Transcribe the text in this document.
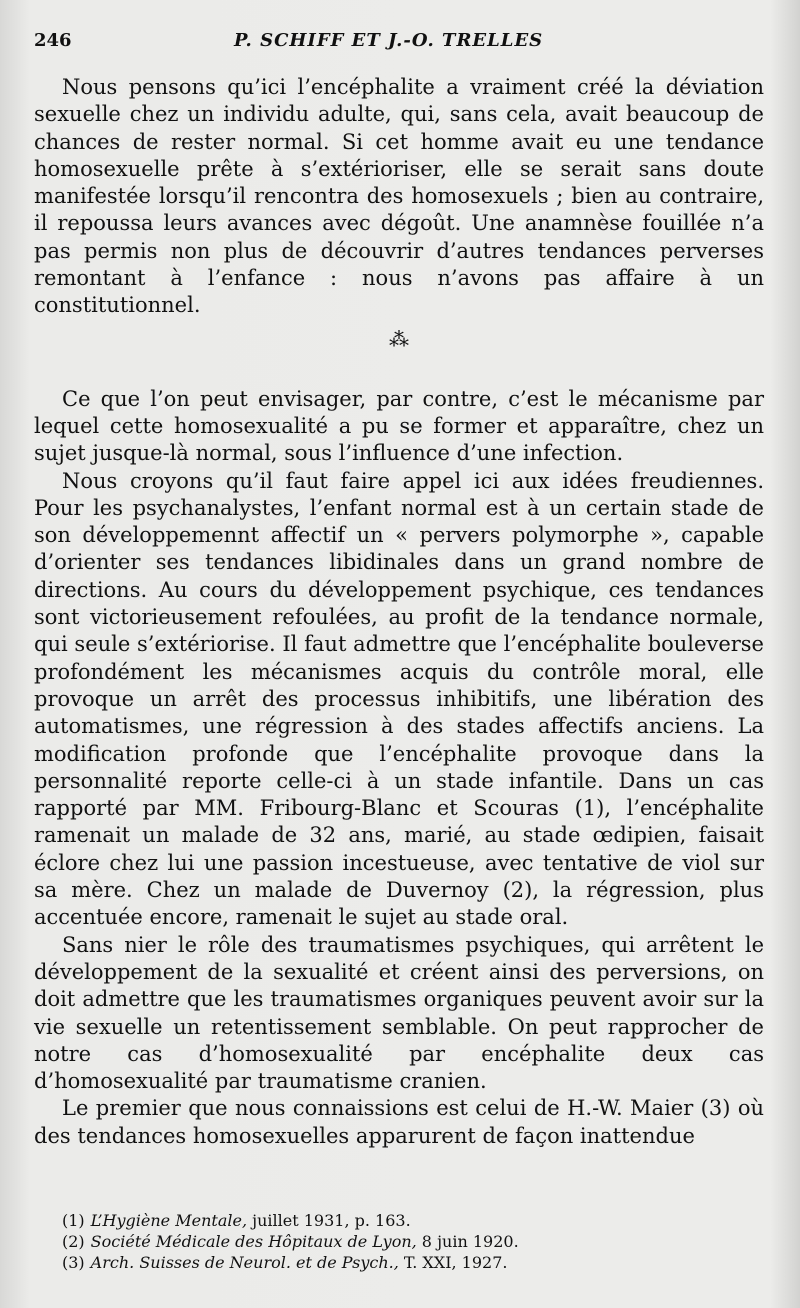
246	P. SCHIFF ET J.-O. TRELLES

Nous pensons qu’ici l’encéphalite a vraiment créé la déviation sexuelle chez un individu adulte, qui, sans cela, avait beaucoup de chances de rester normal. Si cet homme avait eu une tendance homosexuelle prête à s’extérioriser, elle se serait sans doute manifestée lorsqu’il rencontra des homosexuels ; bien au contraire, il repoussa leurs avances avec dégoût. Une anamnèse fouillée n’a pas permis non plus de découvrir d’autres tendances perverses remontant à l’enfance : nous n’avons pas affaire à un constitutionnel.

⁂

Ce que l’on peut envisager, par contre, c’est le mécanisme par lequel cette homosexualité a pu se former et apparaître, chez un sujet jusque-là normal, sous l’influence d’une infection.

Nous croyons qu’il faut faire appel ici aux idées freudiennes. Pour les psychanalystes, l’enfant normal est à un certain stade de son développemennt affectif un « pervers polymorphe », capable d’orienter ses tendances libidinales dans un grand nombre de directions. Au cours du développement psychique, ces tendances sont victorieusement refoulées, au profit de la tendance normale, qui seule s’extériorise. Il faut admettre que l’encéphalite bouleverse profondément les mécanismes acquis du contrôle moral, elle provoque un arrêt des processus inhibitifs, une libération des automatismes, une régression à des stades affectifs anciens. La modification profonde que l’encéphalite provoque dans la personnalité reporte celle-ci à un stade infantile. Dans un cas rapporté par MM. Fribourg-Blanc et Scouras (1), l’encéphalite ramenait un malade de 32 ans, marié, au stade œdipien, faisait éclore chez lui une passion incestueuse, avec tentative de viol sur sa mère. Chez un malade de Duvernoy (2), la régression, plus accentuée encore, ramenait le sujet au stade oral.

Sans nier le rôle des traumatismes psychiques, qui arrêtent le développement de la sexualité et créent ainsi des perversions, on doit admettre que les traumatismes organiques peuvent avoir sur la vie sexuelle un retentissement semblable. On peut rapprocher de notre cas d’homosexualité par encéphalite deux cas d’homosexualité par traumatisme cranien.

Le premier que nous connaissions est celui de H.-W. Maier (3) où des tendances homosexuelles apparurent de façon inattendue

(1) L’Hygiène Mentale, juillet 1931, p. 163.
(2) Société Médicale des Hôpitaux de Lyon, 8 juin 1920.
(3) Arch. Suisses de Neurol. et de Psych., T. XXI, 1927.
